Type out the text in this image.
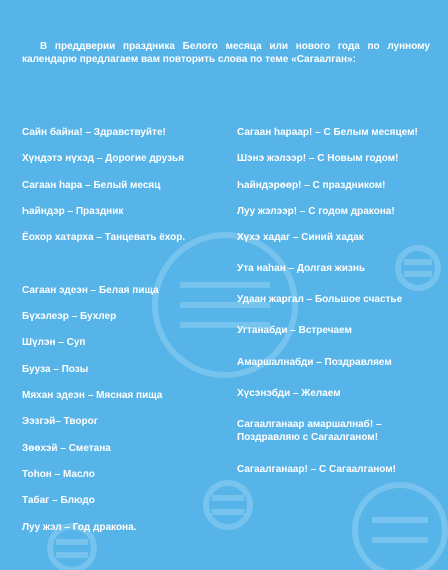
В преддверии праздника Белого месяца или нового года по лунному календарю предлагаем вам повторить слова по теме «Сагаалган»:

Сайн байна! – Здравствуйте!
Хүндэтэ нүхэд – Дорогие друзья
Сагаан һара – Белый месяц
Һайндэр – Праздник
Ёохор хатарха – Танцевать ёхор.
Сагаан эдеэн – Белая пища
Бүхэлеэр – Бухлер
Шүлэн – Суп
Бууза – Позы
Мяхан эдеэн – Мясная пища
Ээзгэй– Творог
Зөөхэй – Сметана
Тоһон – Масло
Табаг – Блюдо
Луу жэл – Год дракона.
Сагаан һараар! – С Белым месяцем!
Шэнэ жэлээр! – С Новым годом!
Һайндэрөөр! – С праздником!
Луу жэлээр! – С годом дракона!
Хүхэ хадаг – Синий хадак
Ута наһан – Долгая жизнь
Удаан жаргал – Большое счастье
Угтанабди – Встречаем
Амаршалнабди – Поздравляем
Хүсэнэбди – Желаем
Сагаалганаар амаршалнаб! – Поздравляю с Сагаалганом!
Сагаалганаар! – С Сагаалганом!
